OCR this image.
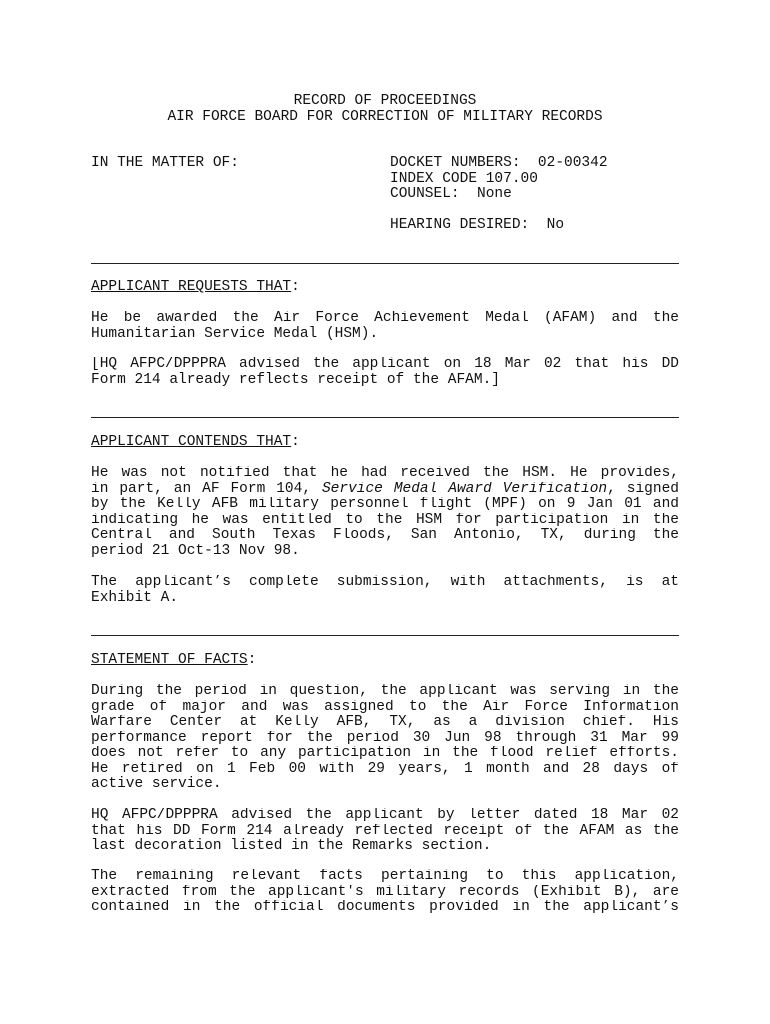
RECORD OF PROCEEDINGS
AIR FORCE BOARD FOR CORRECTION OF MILITARY RECORDS
IN THE MATTER OF:	DOCKET NUMBERS:  02-00342
INDEX CODE 107.00
COUNSEL:  None
HEARING DESIRED:  No
APPLICANT REQUESTS THAT:
He be awarded the Air Force Achievement Medal (AFAM) and the
Humanitarian Service Medal (HSM).
[HQ AFPC/DPPPRA advised the applicant on 18 Mar 02 that his DD
Form 214 already reflects receipt of the AFAM.]
APPLICANT CONTENDS THAT:
He was not notified that he had received the HSM. He provides,
in part, an AF Form 104, Service Medal Award Verification, signed
by the Kelly AFB military personnel flight (MPF) on 9 Jan 01 and
indicating he was entitled to the HSM for participation in the
Central and South Texas Floods, San Antonio, TX, during the
period 21 Oct-13 Nov 98.
The applicant’s complete submission, with attachments, is at
Exhibit A.
STATEMENT OF FACTS:
During the period in question, the applicant was serving in the
grade of major and was assigned to the Air Force Information
Warfare Center at Kelly AFB, TX, as a division chief. His
performance report for the period 30 Jun 98 through 31 Mar 99
does not refer to any participation in the flood relief efforts.
He retired on 1 Feb 00 with 29 years, 1 month and 28 days of
active service.
HQ AFPC/DPPPRA advised the applicant by letter dated 18 Mar 02
that his DD Form 214 already reflected receipt of the AFAM as the
last decoration listed in the Remarks section.
The remaining relevant facts pertaining to this application,
extracted from the applicant's military records (Exhibit B), are
contained in the official documents provided in the applicant’s
